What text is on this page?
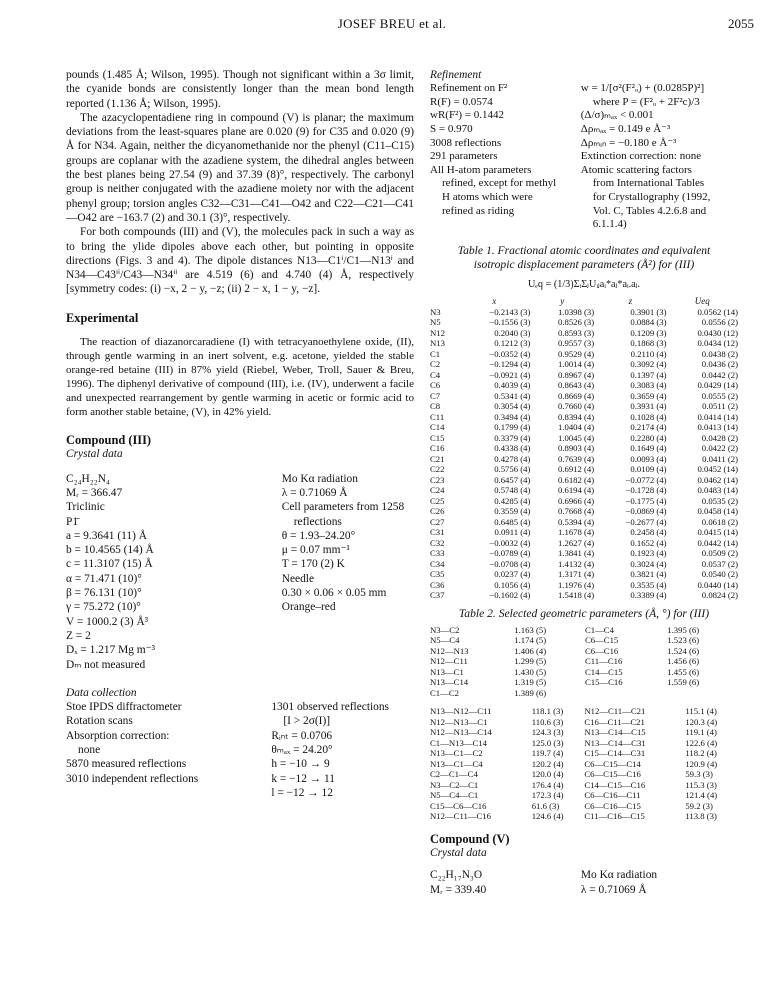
JOSEF BREU et al.	2055

pounds (1.485 Å; Wilson, 1995). Though not significant within a 3σ limit, the cyanide bonds are consistently longer than the mean bond length reported (1.136 Å; Wilson, 1995).

The azacyclopentadiene ring in compound (V) is planar; the maximum deviations from the least-squares plane are 0.020 (9) for C35 and 0.020 (9) Å for N34. Again, neither the dicyanomethanide nor the phenyl (C11–C15) groups are coplanar with the azadiene system, the dihedral angles between the best planes being 27.54 (9) and 37.39 (8)°, respectively. The carbonyl group is neither conjugated with the azadiene moiety nor with the adjacent phenyl group; torsion angles C32—C31—C41—O42 and C22—C21—C41—O42 are −163.7 (2) and 30.1 (3)°, respectively.

For both compounds (III) and (V), the molecules pack in such a way as to bring the ylide dipoles above each other, but pointing in opposite directions (Figs. 3 and 4). The dipole distances N13—C1ⁱ/C1—N13ⁱ and N34—C43ⁱⁱ/C43—N34ⁱⁱ are 4.519 (6) and 4.740 (4) Å, respectively [symmetry codes: (i) −x, 2 − y, −z; (ii) 2 − x, 1 − y, −z].

Experimental

The reaction of diazanorcaradiene (I) with tetracyanoethylene oxide, (II), through gentle warming in an inert solvent, e.g. acetone, yielded the stable orange-red betaine (III) in 87% yield (Riebel, Weber, Troll, Sauer & Breu, 1996). The diphenyl derivative of compound (III), i.e. (IV), underwent a facile and unexpected rearrangement by gentle warming in acetic or formic acid to form another stable betaine, (V), in 42% yield.

Compound (III)
Crystal data
C₂₄H₂₂N₄
Mᵣ = 366.47
Triclinic
P1̄
a = 9.3641 (11) Å
b = 10.4565 (14) Å
c = 11.3107 (15) Å
α = 71.471 (10)°
β = 76.131 (10)°
γ = 75.272 (10)°
V = 1000.2 (3) Å³
Z = 2
Dₓ = 1.217 Mg m⁻³
Dₘ not measured
Mo Kα radiation
λ = 0.71069 Å
Cell parameters from 1258
reflections
θ = 1.93–24.20°
μ = 0.07 mm⁻¹
T = 170 (2) K
Needle
0.30 × 0.06 × 0.05 mm
Orange–red
Data collection
Stoe IPDS diffractometer
Rotation scans
Absorption correction:
none
5870 measured reflections
3010 independent reflections
1301 observed reflections
[I > 2σ(I)]
Rᵢₙₜ = 0.0706
θₘₐₓ = 24.20°
h = −10 → 9
k = −12 → 11
l = −12 → 12
Refinement
Refinement on F²
R(F) = 0.0574
wR(F²) = 0.1442
S = 0.970
3008 reflections
291 parameters
All H-atom parameters
refined, except for methyl
H atoms which were
refined as riding
w = 1/[σ²(F²ₒ) + (0.0285P)²]
where P = (F²ₒ + 2F²c)/3
(Δ/σ)ₘₐₓ < 0.001
Δρₘₐₓ = 0.149 e Å⁻³
Δρₘᵢₙ = −0.180 e Å⁻³
Extinction correction: none
Atomic scattering factors
from International Tables
for Crystallography (1992,
Vol. C, Tables 4.2.6.8 and
6.1.1.4)
Table 1. Fractional atomic coordinates and equivalent isotropic displacement parameters (Å²) for (III)
Uₑq = (1/3)ΣᵢΣⱼUᵢⱼaᵢ*aⱼ*aᵢ.aⱼ.
	x	y	z	Ueq
N3	−0.2143 (3)	1.0398 (3)	0.3901 (3)	0.0562 (14)
N5	−0.1556 (3)	0.8526 (3)	0.0884 (3)	0.0556 (2)
N12	0.2040 (3)	0.8593 (3)	0.1209 (3)	0.0430 (12)
N13	0.1212 (3)	0.9557 (3)	0.1868 (3)	0.0434 (12)
C1	−0.0352 (4)	0.9529 (4)	0.2110 (4)	0.0438 (2)
C2	−0.1294 (4)	1.0014 (4)	0.3092 (4)	0.0436 (2)
C4	−0.0921 (4)	0.8967 (4)	0.1397 (4)	0.0442 (2)
C6	0.4039 (4)	0.8643 (4)	0.3083 (4)	0.0429 (14)
C7	0.5341 (4)	0.8669 (4)	0.3659 (4)	0.0555 (2)
C8	0.3054 (4)	0.7660 (4)	0.3931 (4)	0.0511 (2)
C11	0.3494 (4)	0.8394 (4)	0.1028 (4)	0.0414 (14)
C14	0.1799 (4)	1.0404 (4)	0.2174 (4)	0.0413 (14)
C15	0.3379 (4)	1.0045 (4)	0.2280 (4)	0.0428 (2)
C16	0.4338 (4)	0.8903 (4)	0.1649 (4)	0.0422 (2)
C21	0.4278 (4)	0.7639 (4)	0.0093 (4)	0.0411 (2)
C22	0.5756 (4)	0.6912 (4)	0.0109 (4)	0.0452 (14)
C23	0.6457 (4)	0.6182 (4)	−0.0772 (4)	0.0462 (14)
C24	0.5748 (4)	0.6194 (4)	−0.1728 (4)	0.0483 (14)
C25	0.4285 (4)	0.6966 (4)	−0.1775 (4)	0.0535 (2)
C26	0.3559 (4)	0.7668 (4)	−0.0869 (4)	0.0458 (14)
C27	0.6485 (4)	0.5394 (4)	−0.2677 (4)	0.0618 (2)
C31	0.0911 (4)	1.1678 (4)	0.2458 (4)	0.0415 (14)
C32	−0.0032 (4)	1.2627 (4)	0.1652 (4)	0.0442 (14)
C33	−0.0789 (4)	1.3841 (4)	0.1923 (4)	0.0509 (2)
C34	−0.0708 (4)	1.4132 (4)	0.3024 (4)	0.0537 (2)
C35	0.0237 (4)	1.3171 (4)	0.3821 (4)	0.0540 (2)
C36	0.1056 (4)	1.1976 (4)	0.3535 (4)	0.0440 (14)
C37	−0.1602 (4)	1.5418 (4)	0.3389 (4)	0.0824 (2)
Table 2. Selected geometric parameters (Å, °) for (III)
N3—C2	1.163 (5)	C1—C4	1.395 (6)
N5—C4	1.174 (5)	C6—C15	1.523 (6)
N12—N13	1.406 (4)	C6—C16	1.524 (6)
N12—C11	1.299 (5)	C11—C16	1.456 (6)
N13—C1	1.430 (5)	C14—C15	1.455 (6)
N13—C14	1.319 (5)	C15—C16	1.559 (6)
C1—C2	1.389 (6)		
N13—N12—C11	118.1 (3)	N12—C11—C21	115.1 (4)
N12—N13—C1	110.6 (3)	C16—C11—C21	120.3 (4)
N12—N13—C14	124.3 (3)	N13—C14—C15	119.1 (4)
C1—N13—C14	125.0 (3)	N13—C14—C31	122.6 (4)
N13—C1—C2	119.7 (4)	C15—C14—C31	118.2 (4)
N13—C1—C4	120.2 (4)	C6—C15—C14	120.9 (4)
C2—C1—C4	120.0 (4)	C6—C15—C16	59.3 (3)
N3—C2—C1	176.4 (4)	C14—C15—C16	115.3 (3)
N5—C4—C1	172.3 (4)	C6—C16—C11	121.4 (4)
C15—C6—C16	61.6 (3)	C6—C16—C15	59.2 (3)
N12—C11—C16	124.6 (4)	C11—C16—C15	113.8 (3)
Compound (V)
Crystal data
C₂₂H₁₇N₃O
Mᵣ = 339.40
Mo Kα radiation
λ = 0.71069 Å
